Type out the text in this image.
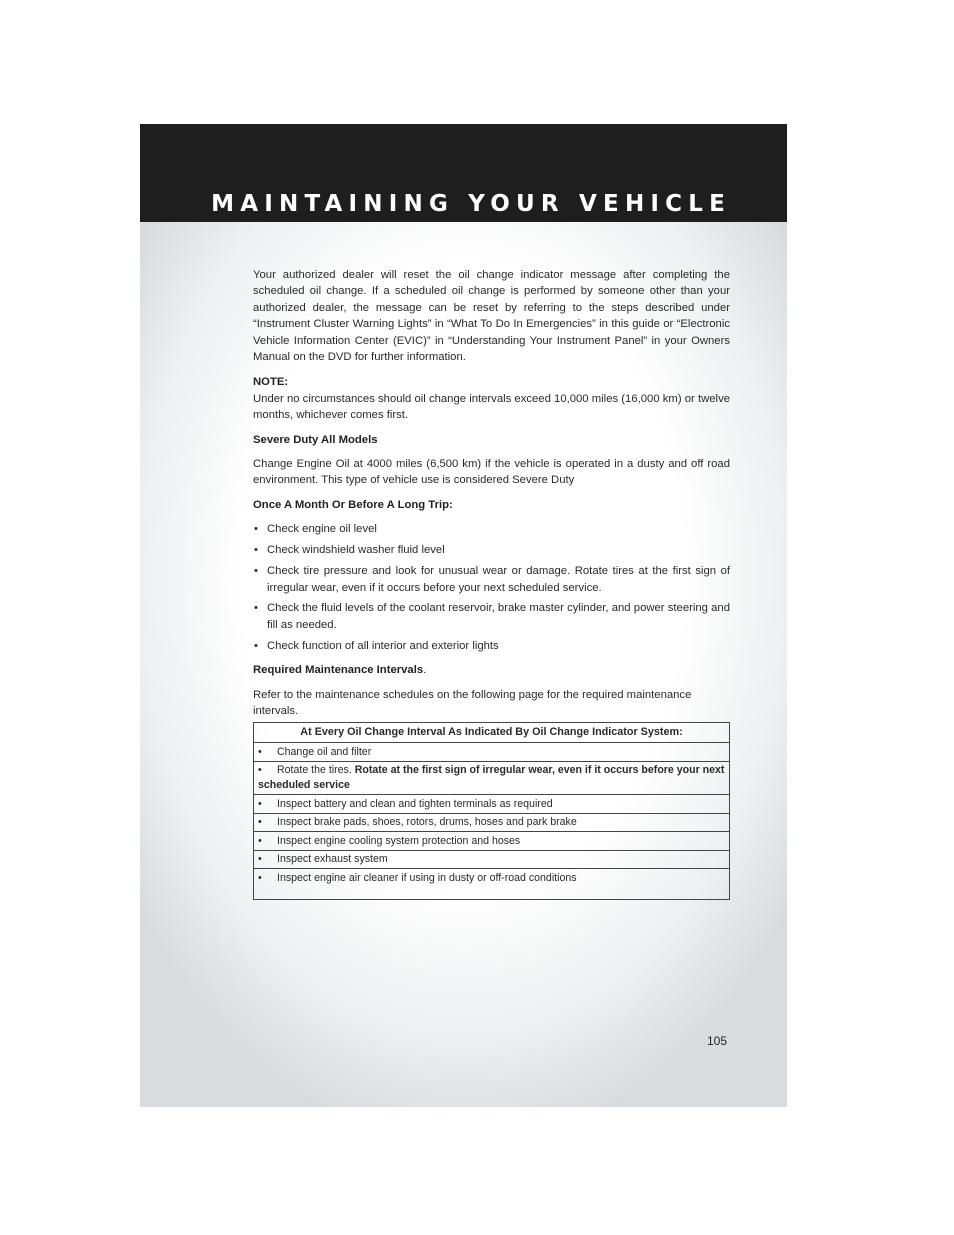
MAINTAINING YOUR VEHICLE

Your authorized dealer will reset the oil change indicator message after completing the scheduled oil change. If a scheduled oil change is performed by someone other than your authorized dealer, the message can be reset by referring to the steps described under “Instrument Cluster Warning Lights” in “What To Do In Emergencies” in this guide or “Electronic Vehicle Information Center (EVIC)” in “Understanding Your Instrument Panel” in your Owners Manual on the DVD for further information.

NOTE:

Under no circumstances should oil change intervals exceed 10,000 miles (16,000 km) or twelve months, whichever comes first.

Severe Duty All Models

Change Engine Oil at 4000 miles (6,500 km) if the vehicle is operated in a dusty and off road environment. This type of vehicle use is considered Severe Duty

Once A Month Or Before A Long Trip:

• Check engine oil level
• Check windshield washer fluid level
• Check tire pressure and look for unusual wear or damage. Rotate tires at the first sign of irregular wear, even if it occurs before your next scheduled service.
• Check the fluid levels of the coolant reservoir, brake master cylinder, and power steering and fill as needed.
• Check function of all interior and exterior lights

Required Maintenance Intervals.

Refer to the maintenance schedules on the following page for the required maintenance intervals.

At Every Oil Change Interval As Indicated By Oil Change Indicator System:
• Change oil and filter
• Rotate the tires. Rotate at the first sign of irregular wear, even if it occurs before your next scheduled service
• Inspect battery and clean and tighten terminals as required
• Inspect brake pads, shoes, rotors, drums, hoses and park brake
• Inspect engine cooling system protection and hoses
• Inspect exhaust system
• Inspect engine air cleaner if using in dusty or off-road conditions
105
